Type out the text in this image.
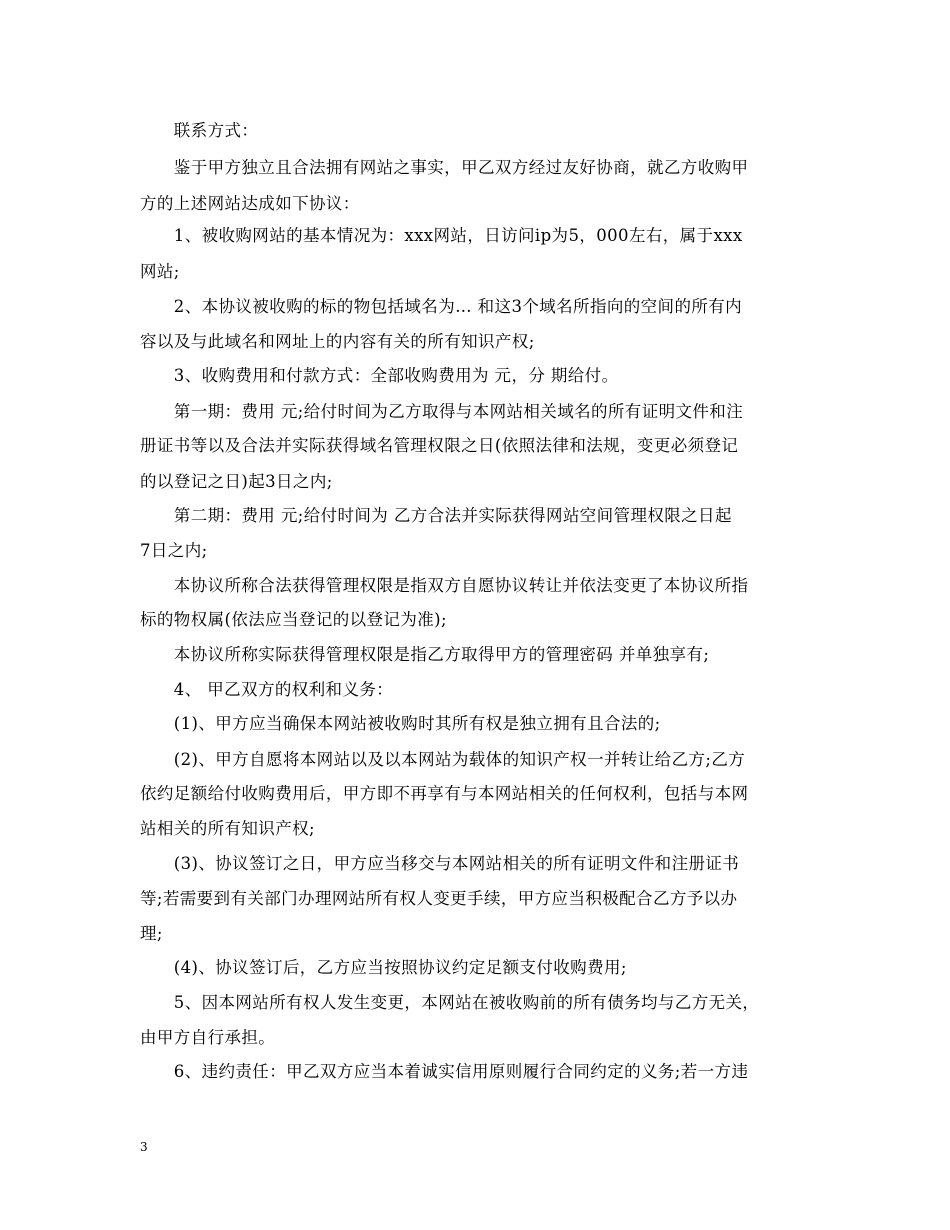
　　联系方式：
　　鉴于甲方独立且合法拥有网站之事实，甲乙双方经过友好协商，就乙方收购甲
方的上述网站达成如下协议：
　　1、被收购网站的基本情况为：xxx网站，日访问ip为5，000左右，属于xxx
网站;
　　2、本协议被收购的标的物包括域名为… 和这3个域名所指向的空间的所有内
容以及与此域名和网址上的内容有关的所有知识产权;
　　3、收购费用和付款方式：全部收购费用为 元，分 期给付。
　　第一期：费用 元;给付时间为乙方取得与本网站相关域名的所有证明文件和注
册证书等以及合法并实际获得域名管理权限之日(依照法律和法规，变更必须登记
的以登记之日)起3日之内;
　　第二期：费用 元;给付时间为 乙方合法并实际获得网站空间管理权限之日起
7日之内;
　　本协议所称合法获得管理权限是指双方自愿协议转让并依法变更了本协议所指
标的物权属(依法应当登记的以登记为准);
　　本协议所称实际获得管理权限是指乙方取得甲方的管理密码 并单独享有;
　　4、 甲乙双方的权利和义务：
　　(1)、甲方应当确保本网站被收购时其所有权是独立拥有且合法的;
　　(2)、甲方自愿将本网站以及以本网站为载体的知识产权一并转让给乙方;乙方
依约足额给付收购费用后，甲方即不再享有与本网站相关的任何权利，包括与本网
站相关的所有知识产权;
　　(3)、协议签订之日，甲方应当移交与本网站相关的所有证明文件和注册证书
等;若需要到有关部门办理网站所有权人变更手续，甲方应当积极配合乙方予以办
理;
　　(4)、协议签订后，乙方应当按照协议约定足额支付收购费用;
　　5、因本网站所有权人发生变更，本网站在被收购前的所有债务均与乙方无关，
由甲方自行承担。
　　6、违约责任：甲乙双方应当本着诚实信用原则履行合同约定的义务;若一方违
3
